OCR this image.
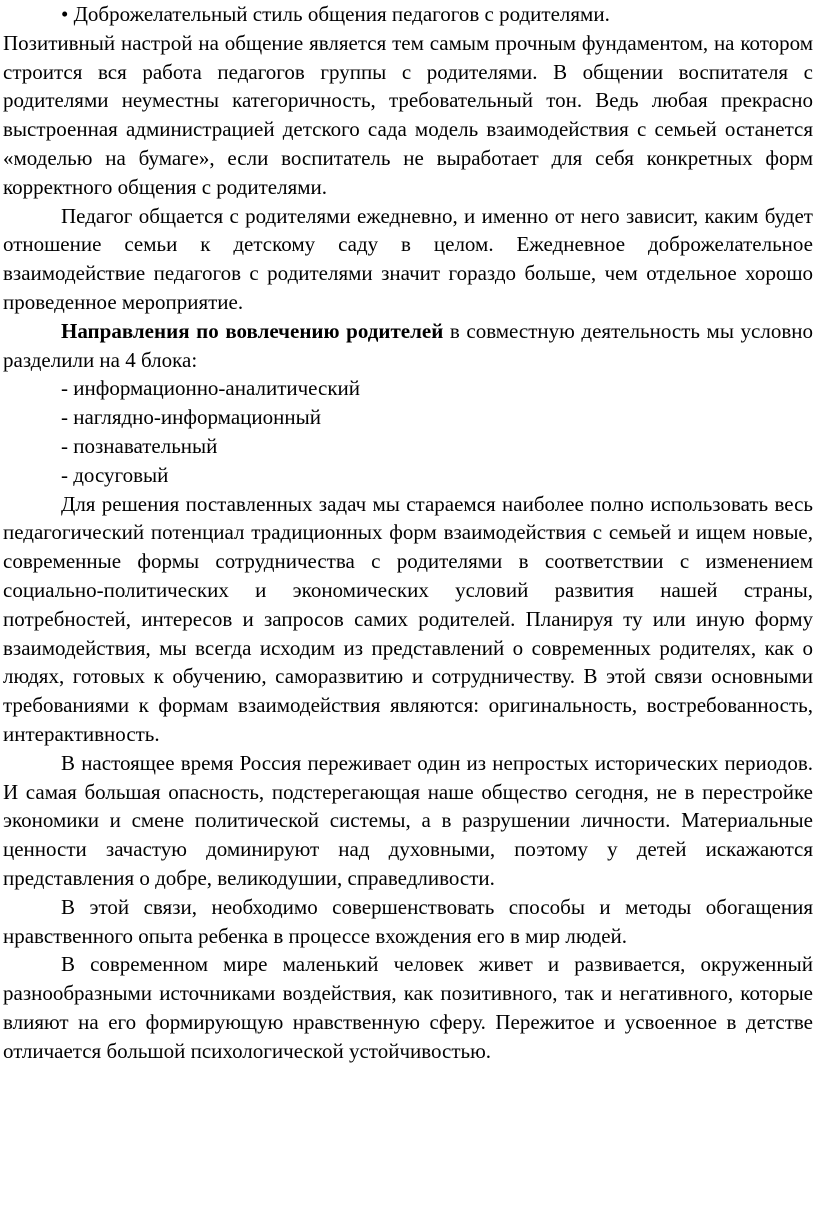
• Доброжелательный стиль общения педагогов с родителями.

Позитивный настрой на общение является тем самым прочным фундаментом, на котором строится вся работа педагогов группы с родителями. В общении воспитателя с родителями неуместны категоричность, требовательный тон. Ведь любая прекрасно выстроенная администрацией детского сада модель взаимодействия с семьей останется «моделью на бумаге», если воспитатель не выработает для себя конкретных форм корректного общения с родителями.

Педагог общается с родителями ежедневно, и именно от него зависит, каким будет отношение семьи к детскому саду в целом. Ежедневное доброжелательное взаимодействие педагогов с родителями значит гораздо больше, чем отдельное хорошо проведенное мероприятие.

Направления по вовлечению родителей в совместную деятельность мы условно разделили на 4 блока:

- информационно-аналитический

- наглядно-информационный

- познавательный

- досуговый

Для решения поставленных задач мы стараемся наиболее полно использовать весь педагогический потенциал традиционных форм взаимодействия с семьей и ищем новые, современные формы сотрудничества с родителями в соответствии с изменением социально-политических и экономических условий развития нашей страны, потребностей, интересов и запросов самих родителей. Планируя ту или иную форму взаимодействия, мы всегда исходим из представлений о современных родителях, как о людях, готовых к обучению, саморазвитию и сотрудничеству. В этой связи основными требованиями к формам взаимодействия являются: оригинальность, востребованность, интерактивность.

В настоящее время Россия переживает один из непростых исторических периодов. И самая большая опасность, подстерегающая наше общество сегодня, не в перестройке экономики и смене политической системы, а в разрушении личности. Материальные ценности зачастую доминируют над духовными, поэтому у детей искажаются представления о добре, великодушии, справедливости.

В этой связи, необходимо совершенствовать способы и методы обогащения нравственного опыта ребенка в процессе вхождения его в мир людей.

В современном мире маленький человек живет и развивается, окруженный разнообразными источниками воздействия, как позитивного, так и негативного, которые влияют на его формирующую нравственную сферу. Пережитое и усвоенное в детстве отличается большой психологической устойчивостью.
